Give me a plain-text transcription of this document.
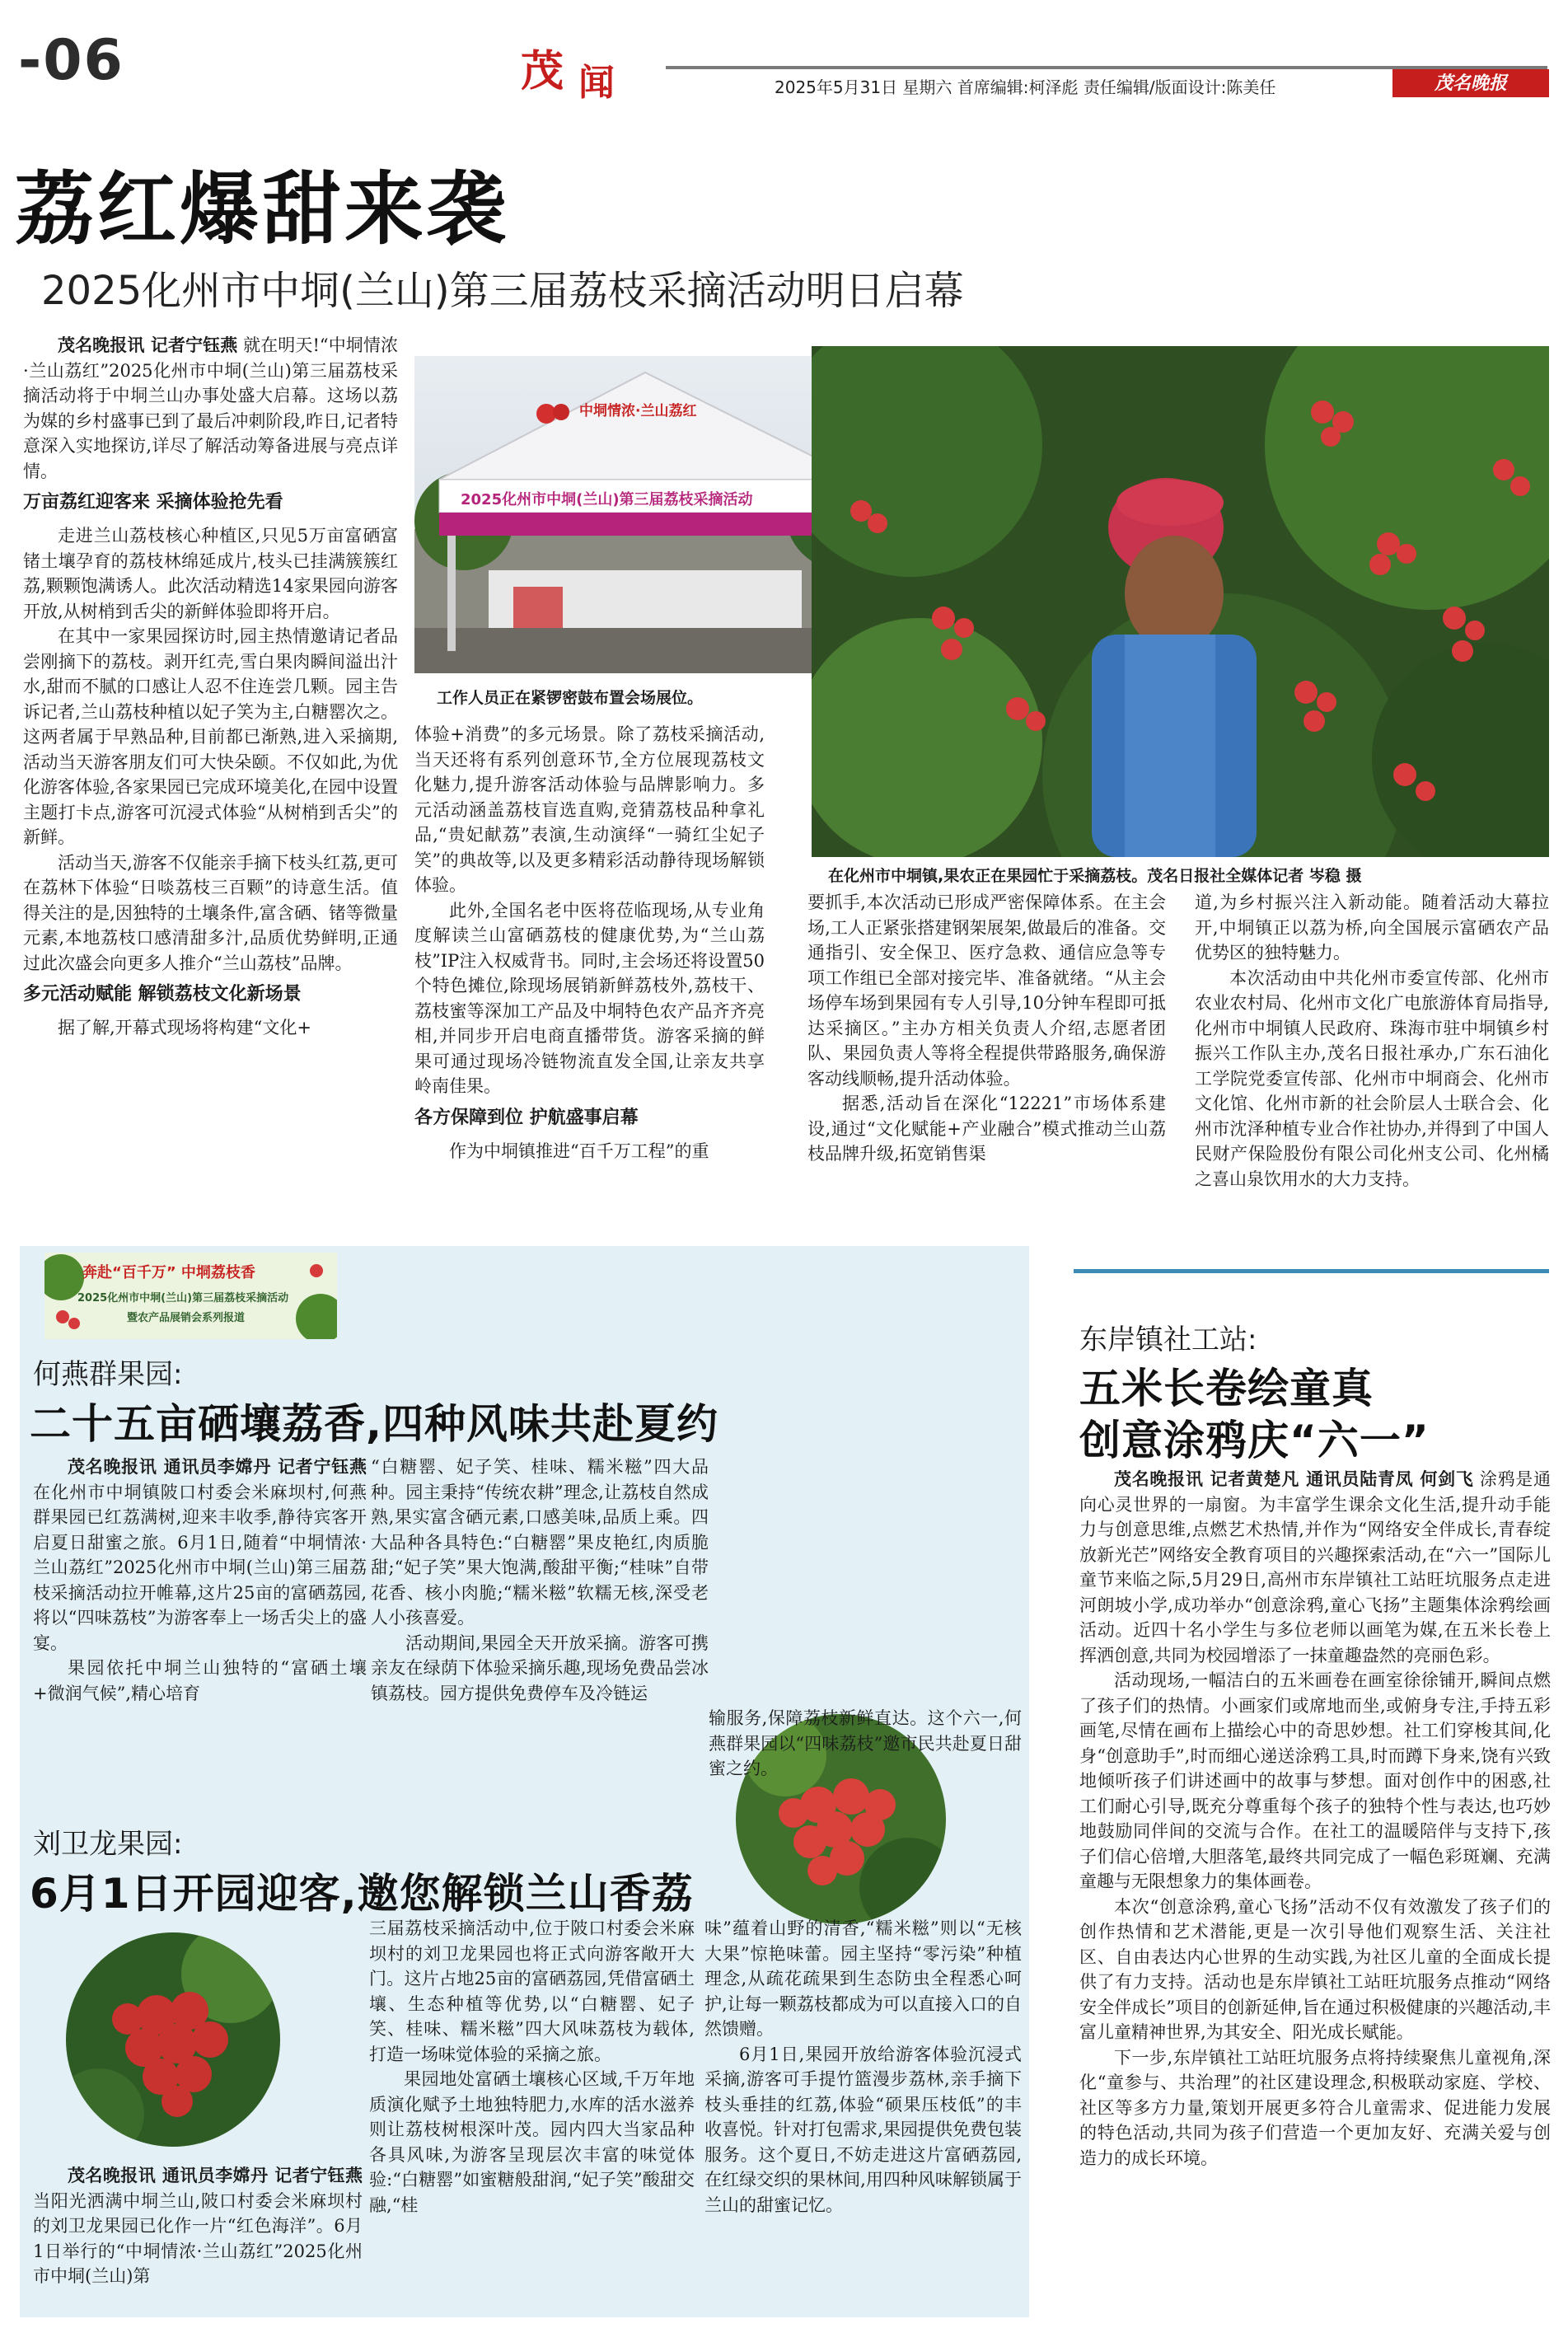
-06	茂 闻	2025年5月31日 星期六 首席编辑:柯泽彪 责任编辑/版面设计:陈美任	茂名晚报
荔红爆甜来袭
2025化州市中垌(兰山)第三届荔枝采摘活动明日启幕
茂名晚报讯 记者宁钰燕 就在明天!“中垌情浓·兰山荔红”2025化州市中垌(兰山)第三届荔枝采摘活动将于中垌兰山办事处盛大启幕。这场以荔为媒的乡村盛事已到了最后冲刺阶段,昨日,记者特意深入实地探访,详尽了解活动筹备进展与亮点详情。
万亩荔红迎客来 采摘体验抢先看
走进兰山荔枝核心种植区,只见5万亩富硒富锗土壤孕育的荔枝林绵延成片,枝头已挂满簇簇红荔,颗颗饱满诱人。此次活动精选14家果园向游客开放,从树梢到舌尖的新鲜体验即将开启。
在其中一家果园探访时,园主热情邀请记者品尝刚摘下的荔枝。剥开红壳,雪白果肉瞬间溢出汁水,甜而不腻的口感让人忍不住连尝几颗。园主告诉记者,兰山荔枝种植以妃子笑为主,白糖罂次之。这两者属于早熟品种,目前都已渐熟,进入采摘期,活动当天游客朋友们可大快朵颐。不仅如此,为优化游客体验,各家果园已完成环境美化,在园中设置主题打卡点,游客可沉浸式体验“从树梢到舌尖”的新鲜。
活动当天,游客不仅能亲手摘下枝头红荔,更可在荔林下体验“日啖荔枝三百颗”的诗意生活。值得关注的是,因独特的土壤条件,富含硒、锗等微量元素,本地荔枝口感清甜多汁,品质优势鲜明,正通过此次盛会向更多人推介“兰山荔枝”品牌。
多元活动赋能 解锁荔枝文化新场景
据了解,开幕式现场将构建“文化+
中垌情浓·兰山荔红
2025化州市中垌(兰山)第三届荔枝采摘活动
工作人员正在紧锣密鼓布置会场展位。
在化州市中垌镇,果农正在果园忙于采摘荔枝。茂名日报社全媒体记者 岑稳 摄
体验+消费”的多元场景。除了荔枝采摘活动,当天还将有系列创意环节,全方位展现荔枝文化魅力,提升游客活动体验与品牌影响力。多元活动涵盖荔枝盲选直购,竞猜荔枝品种拿礼品,“贵妃献荔”表演,生动演绎“一骑红尘妃子笑”的典故等,以及更多精彩活动静待现场解锁体验。
此外,全国名老中医将莅临现场,从专业角度解读兰山富硒荔枝的健康优势,为“兰山荔枝”IP注入权威背书。同时,主会场还将设置50个特色摊位,除现场展销新鲜荔枝外,荔枝干、荔枝蜜等深加工产品及中垌特色农产品齐齐亮相,并同步开启电商直播带货。游客采摘的鲜果可通过现场冷链物流直发全国,让亲友共享岭南佳果。
各方保障到位 护航盛事启幕
作为中垌镇推进“百千万工程”的重
要抓手,本次活动已形成严密保障体系。在主会场,工人正紧张搭建钢架展架,做最后的准备。交通指引、安全保卫、医疗急救、通信应急等专项工作组已全部对接完毕、准备就绪。“从主会场停车场到果园有专人引导,10分钟车程即可抵达采摘区。”主办方相关负责人介绍,志愿者团队、果园负责人等将全程提供带路服务,确保游客动线顺畅,提升活动体验。
据悉,活动旨在深化“12221”市场体系建设,通过“文化赋能+产业融合”模式推动兰山荔枝品牌升级,拓宽销售渠
道,为乡村振兴注入新动能。随着活动大幕拉开,中垌镇正以荔为桥,向全国展示富硒农产品优势区的独特魅力。
本次活动由中共化州市委宣传部、化州市农业农村局、化州市文化广电旅游体育局指导,化州市中垌镇人民政府、珠海市驻中垌镇乡村振兴工作队主办,茂名日报社承办,广东石油化工学院党委宣传部、化州市中垌商会、化州市文化馆、化州市新的社会阶层人士联合会、化州市沈泽种植专业合作社协办,并得到了中国人民财产保险股份有限公司化州支公司、化州橘之喜山泉饮用水的大力支持。
奔赴“百千万” 中垌荔枝香
2025化州市中垌(兰山)第三届荔枝采摘活动
暨农产品展销会系列报道
何燕群果园:
二十五亩硒壤荔香,四种风味共赴夏约
茂名晚报讯 通讯员李嫦丹 记者宁钰燕 在化州市中垌镇陂口村委会米麻坝村,何燕群果园已红荔满树,迎来丰收季,静待宾客开启夏日甜蜜之旅。6月1日,随着“中垌情浓·兰山荔红”2025化州市中垌(兰山)第三届荔枝采摘活动拉开帷幕,这片25亩的富硒荔园,将以“四味荔枝”为游客奉上一场舌尖上的盛宴。
果园依托中垌兰山独特的“富硒土壤+微润气候”,精心培育
“白糖罂、妃子笑、桂味、糯米糍”四大品种。园主秉持“传统农耕”理念,让荔枝自然成熟,果实富含硒元素,口感美味,品质上乘。四大品种各具特色:“白糖罂”果皮艳红,肉质脆甜;“妃子笑”果大饱满,酸甜平衡;“桂味”自带花香、核小肉脆;“糯米糍”软糯无核,深受老人小孩喜爱。
活动期间,果园全天开放采摘。游客可携亲友在绿荫下体验采摘乐趣,现场免费品尝冰镇荔枝。园方提供免费停车及冷链运
输服务,保障荔枝新鲜直达。这个六一,何燕群果园以“四味荔枝”邀市民共赴夏日甜蜜之约。
刘卫龙果园:
6月1日开园迎客,邀您解锁兰山香荔
茂名晚报讯 通讯员李嫦丹 记者宁钰燕 当阳光洒满中垌兰山,陂口村委会米麻坝村的刘卫龙果园已化作一片“红色海洋”。6月1日举行的“中垌情浓·兰山荔红”2025化州市中垌(兰山)第
三届荔枝采摘活动中,位于陂口村委会米麻坝村的刘卫龙果园也将正式向游客敞开大门。这片占地25亩的富硒荔园,凭借富硒土壤、生态种植等优势,以“白糖罂、妃子笑、桂味、糯米糍”四大风味荔枝为载体,打造一场味觉体验的采摘之旅。
果园地处富硒土壤核心区域,千万年地质演化赋予土地独特肥力,水库的活水滋养则让荔枝树根深叶茂。园内四大当家品种各具风味,为游客呈现层次丰富的味觉体验:“白糖罂”如蜜糖般甜润,“妃子笑”酸甜交融,“桂
味”蕴着山野的清香,“糯米糍”则以“无核大果”惊艳味蕾。园主坚持“零污染”种植理念,从疏花疏果到生态防虫全程悉心呵护,让每一颗荔枝都成为可以直接入口的自然馈赠。
6月1日,果园开放给游客体验沉浸式采摘,游客可手提竹篮漫步荔林,亲手摘下枝头垂挂的红荔,体验“硕果压枝低”的丰收喜悦。针对打包需求,果园提供免费包装服务。这个夏日,不妨走进这片富硒荔园,在红绿交织的果林间,用四种风味解锁属于兰山的甜蜜记忆。
东岸镇社工站:
五米长卷绘童真
创意涂鸦庆“六一”
茂名晚报讯 记者黄楚凡 通讯员陆青凤 何剑飞 涂鸦是通向心灵世界的一扇窗。为丰富学生课余文化生活,提升动手能力与创意思维,点燃艺术热情,并作为“网络安全伴成长,青春绽放新光芒”网络安全教育项目的兴趣探索活动,在“六一”国际儿童节来临之际,5月29日,高州市东岸镇社工站旺坑服务点走进河朗坡小学,成功举办“创意涂鸦,童心飞扬”主题集体涂鸦绘画活动。近四十名小学生与多位老师以画笔为媒,在五米长卷上挥洒创意,共同为校园增添了一抹童趣盎然的亮丽色彩。
活动现场,一幅洁白的五米画卷在画室徐徐铺开,瞬间点燃了孩子们的热情。小画家们或席地而坐,或俯身专注,手持五彩画笔,尽情在画布上描绘心中的奇思妙想。社工们穿梭其间,化身“创意助手”,时而细心递送涂鸦工具,时而蹲下身来,饶有兴致地倾听孩子们讲述画中的故事与梦想。面对创作中的困惑,社工们耐心引导,既充分尊重每个孩子的独特个性与表达,也巧妙地鼓励同伴间的交流与合作。在社工的温暖陪伴与支持下,孩子们信心倍增,大胆落笔,最终共同完成了一幅色彩斑斓、充满童趣与无限想象力的集体画卷。
本次“创意涂鸦,童心飞扬”活动不仅有效激发了孩子们的创作热情和艺术潜能,更是一次引导他们观察生活、关注社区、自由表达内心世界的生动实践,为社区儿童的全面成长提供了有力支持。活动也是东岸镇社工站旺坑服务点推动“网络安全伴成长”项目的创新延伸,旨在通过积极健康的兴趣活动,丰富儿童精神世界,为其安全、阳光成长赋能。
下一步,东岸镇社工站旺坑服务点将持续聚焦儿童视角,深化“童参与、共治理”的社区建设理念,积极联动家庭、学校、社区等多方力量,策划开展更多符合儿童需求、促进能力发展的特色活动,共同为孩子们营造一个更加友好、充满关爱与创造力的成长环境。
